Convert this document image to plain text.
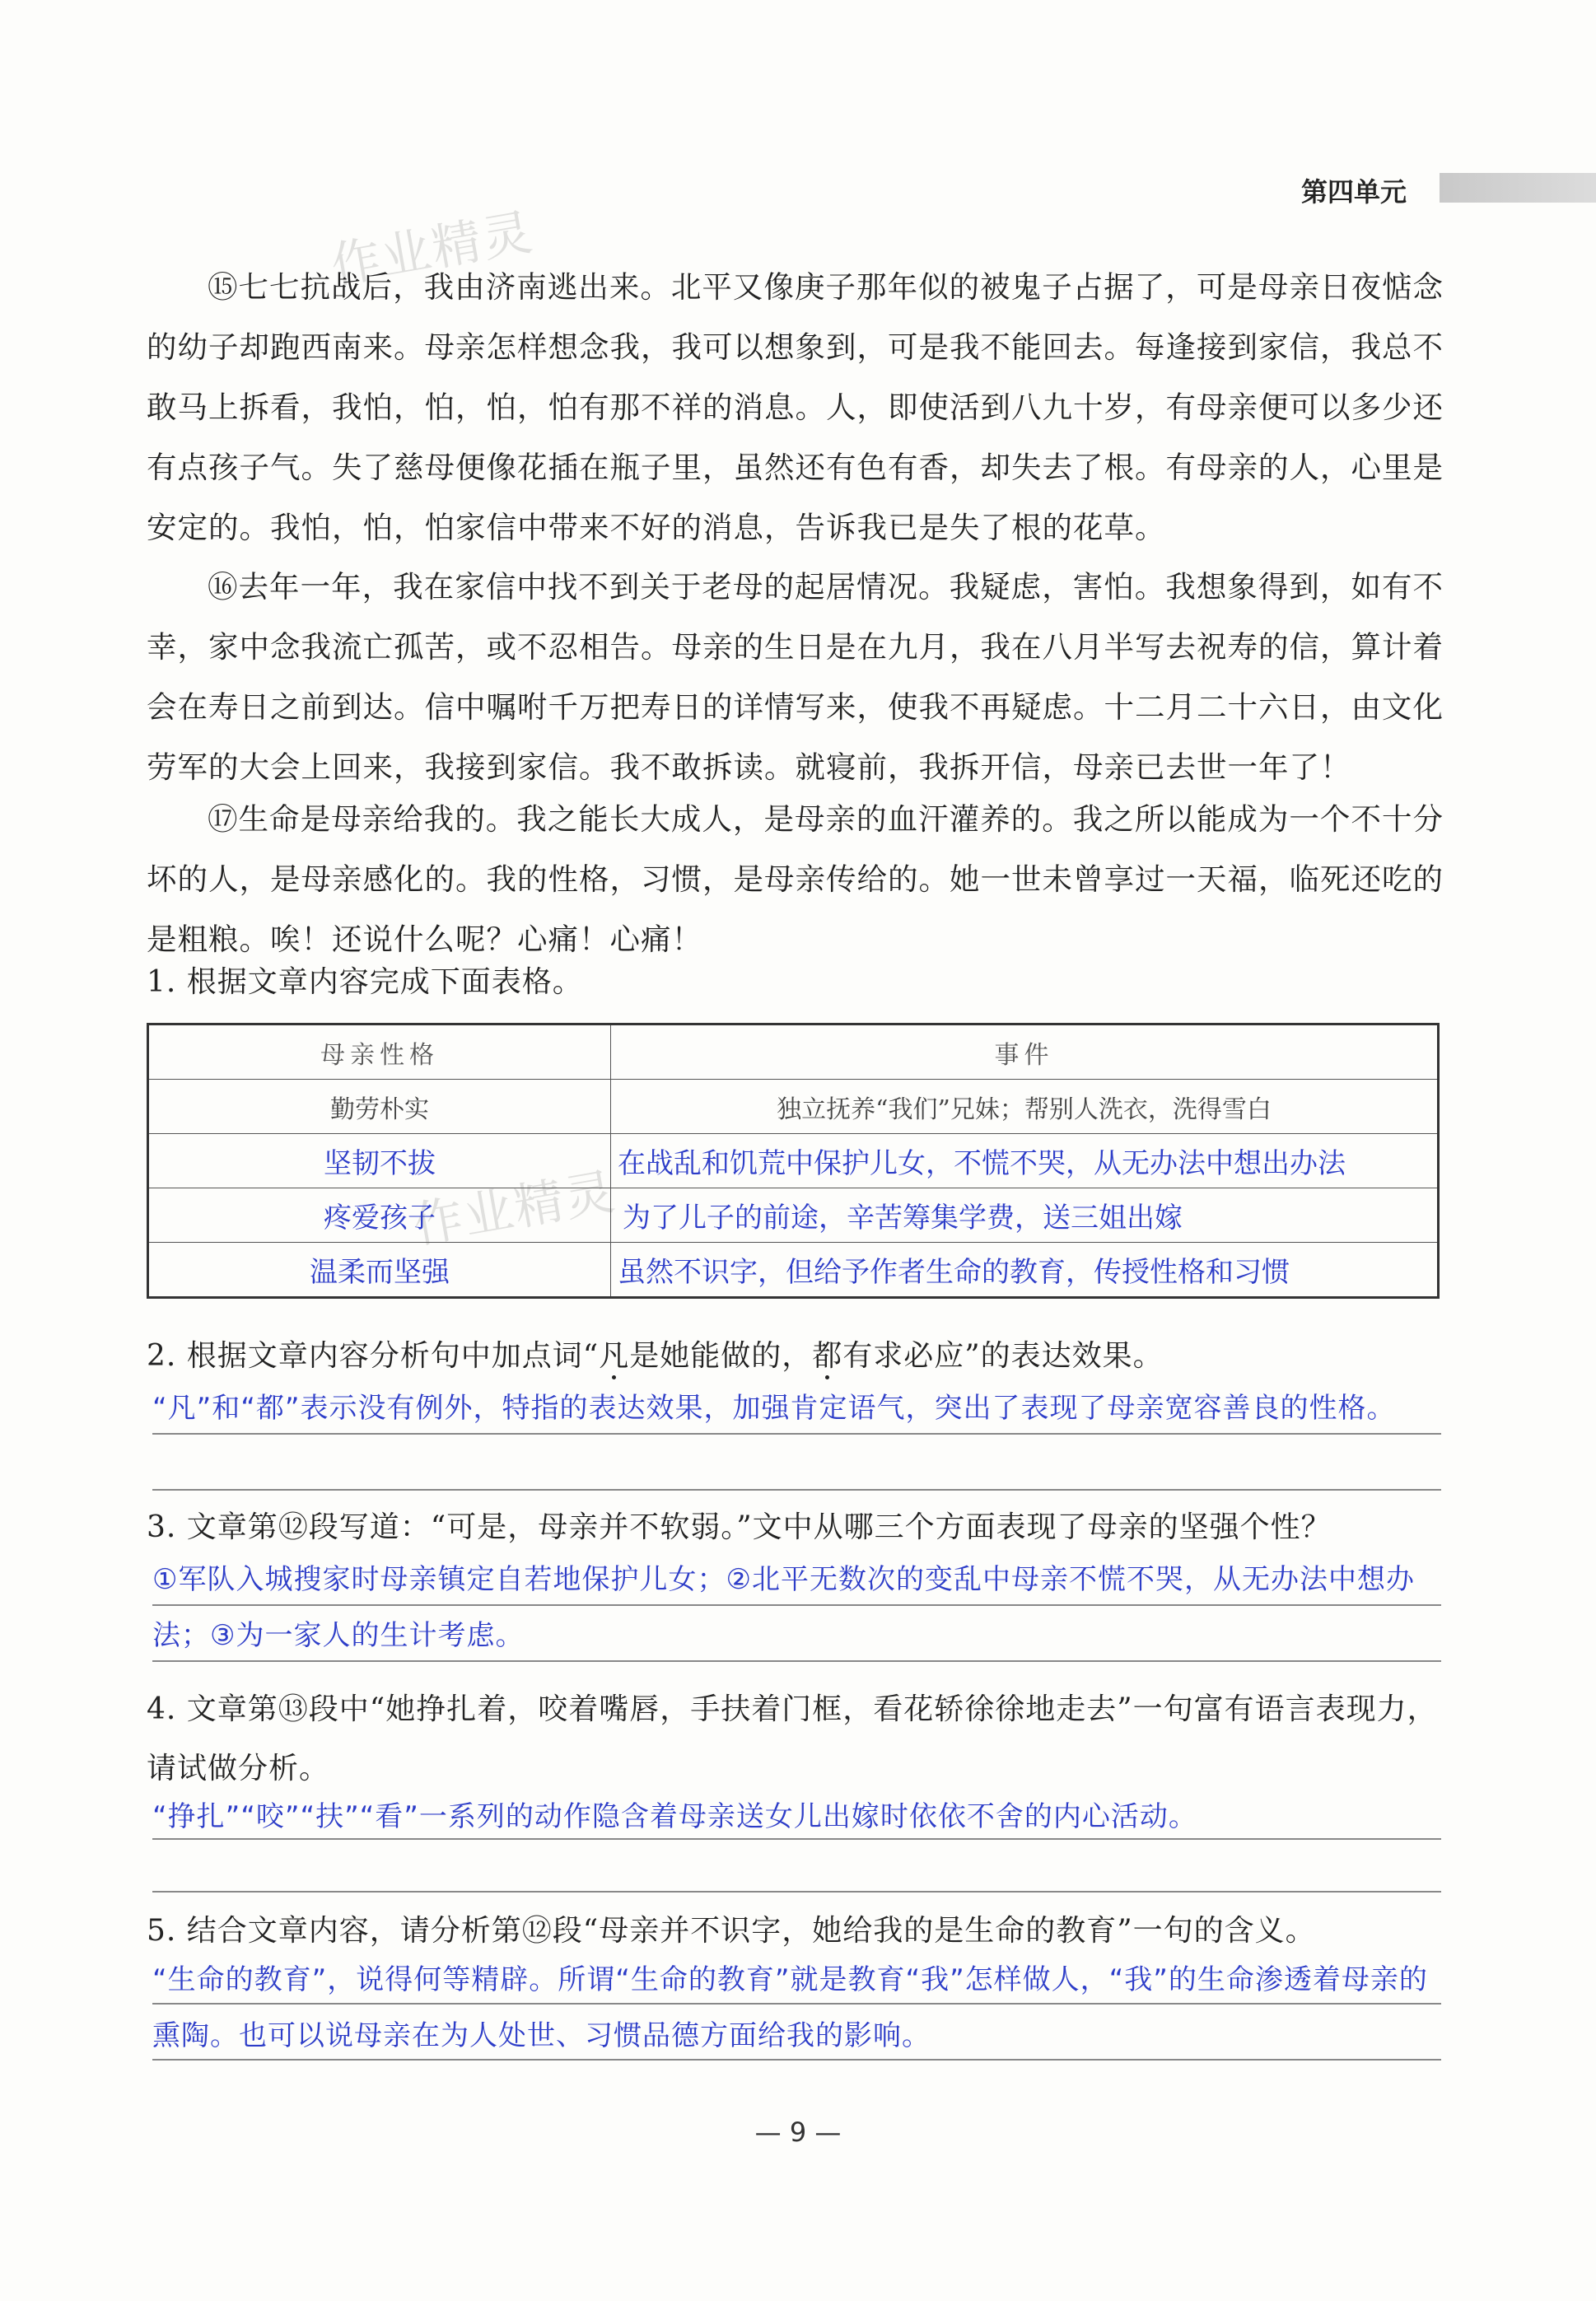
第四单元
作业精灵
作业精灵
⑮七七抗战后，我由济南逃出来。北平又像庚子那年似的被鬼子占据了，可是母亲日夜惦念的幼子却跑西南来。母亲怎样想念我，我可以想象到，可是我不能回去。每逢接到家信，我总不敢马上拆看，我怕，怕，怕，怕有那不祥的消息。人，即使活到八九十岁，有母亲便可以多少还有点孩子气。失了慈母便像花插在瓶子里，虽然还有色有香，却失去了根。有母亲的人，心里是安定的。我怕，怕，怕家信中带来不好的消息，告诉我已是失了根的花草。
⑯去年一年，我在家信中找不到关于老母的起居情况。我疑虑，害怕。我想象得到，如有不幸，家中念我流亡孤苦，或不忍相告。母亲的生日是在九月，我在八月半写去祝寿的信，算计着会在寿日之前到达。信中嘱咐千万把寿日的详情写来，使我不再疑虑。十二月二十六日，由文化劳军的大会上回来，我接到家信。我不敢拆读。就寝前，我拆开信，母亲已去世一年了！
⑰生命是母亲给我的。我之能长大成人，是母亲的血汗灌养的。我之所以能成为一个不十分坏的人，是母亲感化的。我的性格，习惯，是母亲传给的。她一世未曾享过一天福，临死还吃的是粗粮。唉！还说什么呢？心痛！心痛！
1. 根据文章内容完成下面表格。
母亲性格	事件
勤劳朴实	独立抚养“我们”兄妹；帮别人洗衣，洗得雪白
坚韧不拔	在战乱和饥荒中保护儿女，不慌不哭，从无办法中想出办法
疼爱孩子	为了儿子的前途，辛苦筹集学费，送三姐出嫁
温柔而坚强	虽然不识字，但给予作者生命的教育，传授性格和习惯
2. 根据文章内容分析句中加点词“凡是她能做的，都有求必应”的表达效果。
“凡”和“都”表示没有例外，特指的表达效果，加强肯定语气，突出了表现了母亲宽容善良的性格。
3. 文章第⑫段写道：“可是，母亲并不软弱。”文中从哪三个方面表现了母亲的坚强个性？
①军队入城搜家时母亲镇定自若地保护儿女；②北平无数次的变乱中母亲不慌不哭，从无办法中想办法；③为一家人的生计考虑。
4. 文章第⑬段中“她挣扎着，咬着嘴唇，手扶着门框，看花轿徐徐地走去”一句富有语言表现力，请试做分析。
“挣扎”“咬”“扶”“看”一系列的动作隐含着母亲送女儿出嫁时依依不舍的内心活动。
5. 结合文章内容，请分析第⑫段“母亲并不识字，她给我的是生命的教育”一句的含义。
“生命的教育”，说得何等精辟。所谓“生命的教育”就是教育“我”怎样做人，“我”的生命渗透着母亲的熏陶。也可以说母亲在为人处世、习惯品德方面给我的影响。
— 9 —
